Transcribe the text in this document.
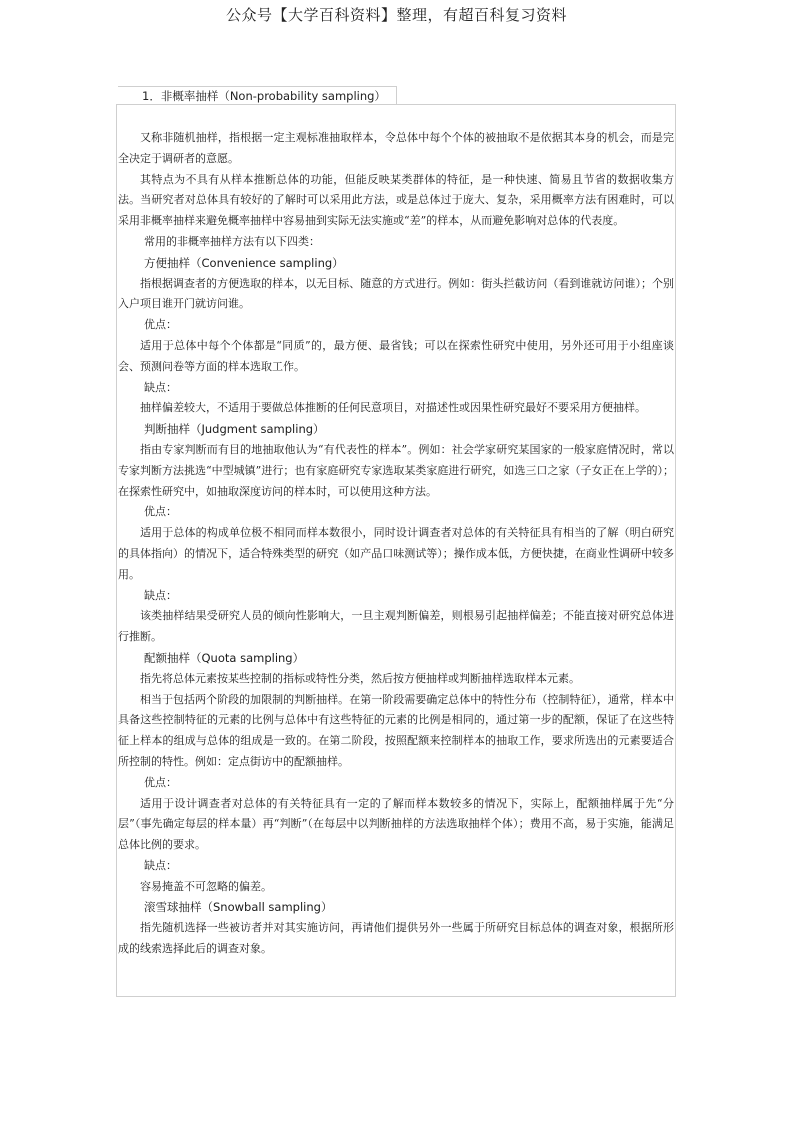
公众号【大学百科资料】整理，有超百科复习资料
1．非概率抽样（Non-probability sampling）

又称非随机抽样，指根据一定主观标准抽取样本，令总体中每个个体的被抽取不是依据其本身的机会，而是完全决定于调研者的意愿。

其特点为不具有从样本推断总体的功能，但能反映某类群体的特征，是一种快速、简易且节省的数据收集方法。当研究者对总体具有较好的了解时可以采用此方法，或是总体过于庞大、复杂，采用概率方法有困难时，可以采用非概率抽样来避免概率抽样中容易抽到实际无法实施或“差”的样本，从而避免影响对总体的代表度。

常用的非概率抽样方法有以下四类：

方便抽样（Convenience sampling）

指根据调查者的方便选取的样本，以无目标、随意的方式进行。例如：街头拦截访问（看到谁就访问谁）；个别入户项目谁开门就访问谁。

优点：

适用于总体中每个个体都是“同质”的，最方便、最省钱；可以在探索性研究中使用，另外还可用于小组座谈会、预测问卷等方面的样本选取工作。

缺点：

抽样偏差较大，不适用于要做总体推断的任何民意项目，对描述性或因果性研究最好不要采用方便抽样。

判断抽样（Judgment sampling）

指由专家判断而有目的地抽取他认为“有代表性的样本”。例如：社会学家研究某国家的一般家庭情况时，常以专家判断方法挑选“中型城镇”进行；也有家庭研究专家选取某类家庭进行研究，如选三口之家（子女正在上学的）；在探索性研究中，如抽取深度访问的样本时，可以使用这种方法。

优点：

适用于总体的构成单位极不相同而样本数很小，同时设计调查者对总体的有关特征具有相当的了解（明白研究的具体指向）的情况下，适合特殊类型的研究（如产品口味测试等）；操作成本低，方便快捷，在商业性调研中较多用。

缺点：

该类抽样结果受研究人员的倾向性影响大，一旦主观判断偏差，则根易引起抽样偏差；不能直接对研究总体进行推断。

配额抽样（Quota sampling）

指先将总体元素按某些控制的指标或特性分类，然后按方便抽样或判断抽样选取样本元素。

相当于包括两个阶段的加限制的判断抽样。在第一阶段需要确定总体中的特性分布（控制特征），通常，样本中具备这些控制特征的元素的比例与总体中有这些特征的元素的比例是相同的，通过第一步的配额，保证了在这些特征上样本的组成与总体的组成是一致的。在第二阶段，按照配额来控制样本的抽取工作，要求所选出的元素要适合所控制的特性。例如：定点街访中的配额抽样。

优点：

适用于设计调查者对总体的有关特征具有一定的了解而样本数较多的情况下，实际上，配额抽样属于先“分层”（事先确定每层的样本量）再“判断”（在每层中以判断抽样的方法选取抽样个体）；费用不高，易于实施，能满足总体比例的要求。

缺点：

容易掩盖不可忽略的偏差。

滚雪球抽样（Snowball sampling）

指先随机选择一些被访者并对其实施访问，再请他们提供另外一些属于所研究目标总体的调查对象，根据所形成的线索选择此后的调查对象。
